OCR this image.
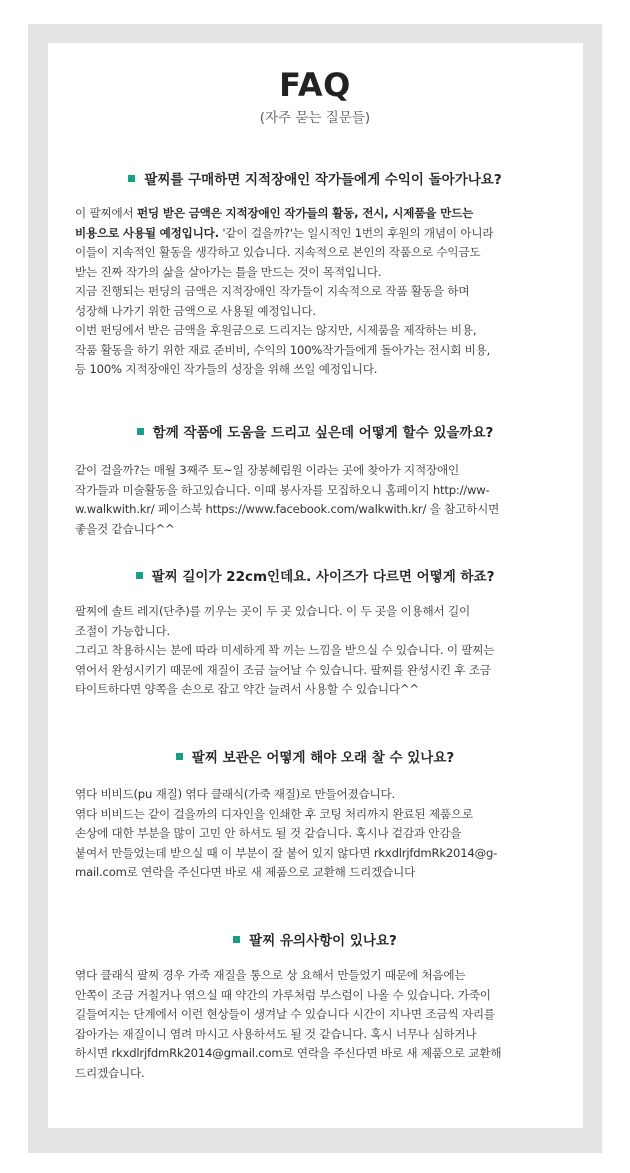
FAQ
(자주 묻는 질문들)
팔찌를 구매하면 지적장애인 작가들에게 수익이 돌아가나요?

이 팔찌에서 펀딩 받은 금액은 지적장애인 작가들의 활동, 전시, 시제품을 만드는

비용으로 사용될 예정입니다. '같이 걸을까?'는 일시적인 1번의 후원의 개념이 아니라

이들이 지속적인 활동을 생각하고 있습니다. 지속적으로 본인의 작품으로 수익금도

받는 진짜 작가의 삶을 살아가는 틀을 만드는 것이 목적입니다.

지금 진행되는 펀딩의 금액은 지적장애인 작가들이 지속적으로 작품 활동을 하며

성장해 나가기 위한 금액으로 사용될 예정입니다.

이번 펀딩에서 받은 금액을 후원금으로 드리지는 않지만, 시제품을 제작하는 비용,

작품 활동을 하기 위한 재료 준비비, 수익의 100%작가들에게 돌아가는 전시회 비용,

등 100% 지적장애인 작가들의 성장을 위해 쓰일 예정입니다.

함께 작품에 도움을 드리고 싶은데 어떻게 할수 있을까요?

같이 걸을까?는 매월 3째주 토~일 장봉혜림원 이라는 곳에 찾아가 지적장애인

작가들과 미술활동을 하고있습니다. 이때 봉사자를 모집하오니 홈페이지 http://ww-

w.walkwith.kr/ 페이스북 https://www.facebook.com/walkwith.kr/ 을 참고하시면

좋을것 같습니다^^

팔찌 길이가 22cm인데요. 사이즈가 다르면 어떻게 하죠?

팔찌에 솔트 레지(단추)를 끼우는 곳이 두 곳 있습니다. 이 두 곳을 이용해서 길이

조절이 가능합니다.

그리고 착용하시는 분에 따라 미세하게 꽉 끼는 느낌을 받으실 수 있습니다. 이 팔찌는

엮어서 완성시키기 때문에 재질이 조금 늘어날 수 있습니다. 팔찌를 완성시킨 후 조금

타이트하다면 양쪽을 손으로 잡고 약간 늘려서 사용할 수 있습니다^^

팔찌 보관은 어떻게 해야 오래 찰 수 있나요?

엮다 비비드(pu 재질) 엮다 클래식(가죽 재질)로 만들어졌습니다.

엮다 비비드는 같이 걸을까의 디자인을 인쇄한 후 코팅 처리까지 완료된 제품으로

손상에 대한 부분을 많이 고민 안 하셔도 될 것 같습니다. 혹시나 겉감과 안감을

붙여서 만들었는데 받으실 때 이 부분이 잘 붙어 있지 않다면 rkxdlrjfdmRk2014@g-

mail.com로 연락을 주신다면 바로 새 제품으로 교환해 드리겠습니다

팔찌 유의사항이 있나요?

엮다 클래식 팔찌 경우 가죽 재질을 통으로 상 요해서 만들었기 때문에 처음에는

안쪽이 조금 거칠거나 엮으실 때 약간의 가루처럼 부스럼이 나올 수 있습니다. 가죽이

길들여지는 단계에서 이런 현상들이 생겨날 수 있습니다 시간이 지나면 조금씩 자리를

잡아가는 재질이니 염려 마시고 사용하셔도 될 것 같습니다. 혹시 너무나 심하거나

하시면 rkxdlrjfdmRk2014@gmail.com로 연락을 주신다면 바로 새 제품으로 교환해

드리겠습니다.
